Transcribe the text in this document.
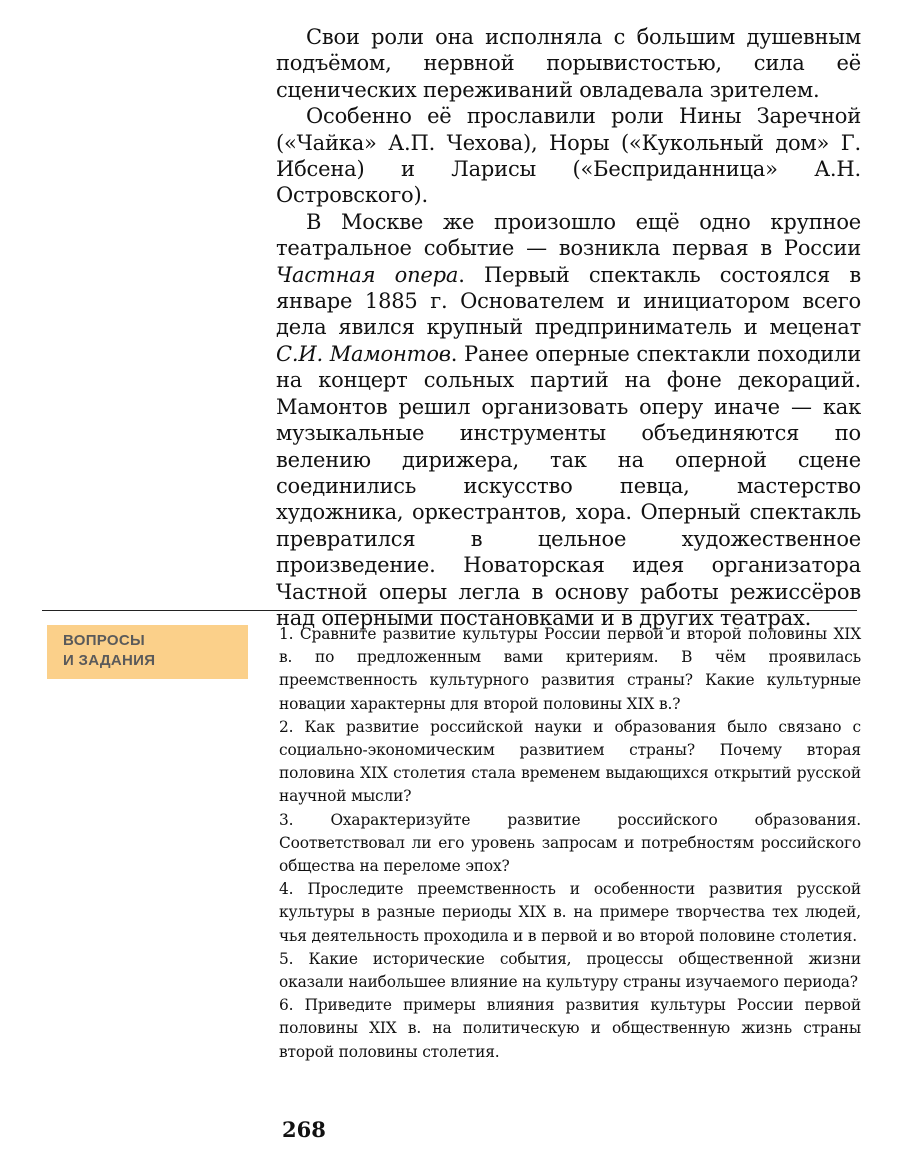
Свои роли она исполняла с большим душевным подъёмом, нервной порывистостью, сила её сценических переживаний овладевала зрителем.

Особенно её прославили роли Нины Заречной («Чайка» А.П. Чехова), Норы («Кукольный дом» Г. Ибсена) и Ларисы («Бесприданница» А.Н. Островского).

В Москве же произошло ещё одно крупное театральное событие — возникла первая в России Частная опера. Первый спектакль состоялся в январе 1885 г. Основателем и инициатором всего дела явился крупный предприниматель и меценат С.И. Мамонтов. Ранее оперные спектакли походили на концерт сольных партий на фоне декораций. Мамонтов решил организовать оперу иначе — как музыкальные инструменты объединяются по велению дирижера, так на оперной сцене соединились искусство певца, мастерство художника, оркестрантов, хора. Оперный спектакль превратился в цельное художественное произведение. Новаторская идея организатора Частной оперы легла в основу работы режиссёров над оперными постановками и в других театрах.

ВОПРОСЫ
И ЗАДАНИЯ

1. Сравните развитие культуры России первой и второй половины XIX в. по предложенным вами критериям. В чём проявилась преемственность культурного развития страны? Какие культурные новации характерны для второй половины XIX в.?

2. Как развитие российской науки и образования было связано с социально-экономическим развитием страны? Почему вторая половина XIX столетия стала временем выдающихся открытий русской научной мысли?

3. Охарактеризуйте развитие российского образования. Соответствовал ли его уровень запросам и потребностям российского общества на переломе эпох?

4. Проследите преемственность и особенности развития русской культуры в разные периоды XIX в. на примере творчества тех людей, чья деятельность проходила и в первой и во второй половине столетия.

5. Какие исторические события, процессы общественной жизни оказали наибольшее влияние на культуру страны изучаемого периода?

6. Приведите примеры влияния развития культуры России первой половины XIX в. на политическую и общественную жизнь страны второй половины столетия.

268
